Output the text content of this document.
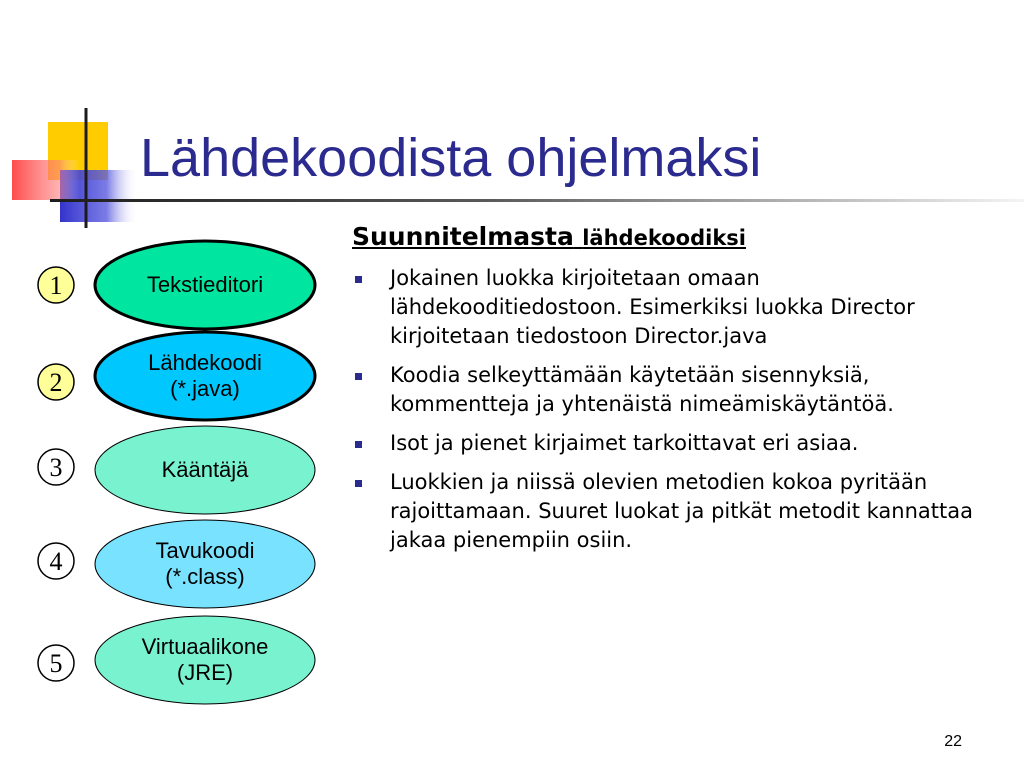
Lähdekoodista ohjelmaksi
1
2
3
4
5
Tekstieditori
Lähdekoodi
(*.java)
Kääntäjä
Tavukoodi
(*.class)
Virtuaalikone
(JRE)
Suunnitelmasta lähdekoodiksi
Jokainen luokka kirjoitetaan omaan lähdekooditiedostoon. Esimerkiksi luokka Director kirjoitetaan tiedostoon Director.java
Koodia selkeyttämään käytetään sisennyksiä, kommentteja ja yhtenäistä nimeämiskäytäntöä.
Isot ja pienet kirjaimet tarkoittavat eri asiaa.
Luokkien ja niissä olevien metodien kokoa pyritään rajoittamaan. Suuret luokat ja pitkät metodit kannattaa jakaa pienempiin osiin.
22
